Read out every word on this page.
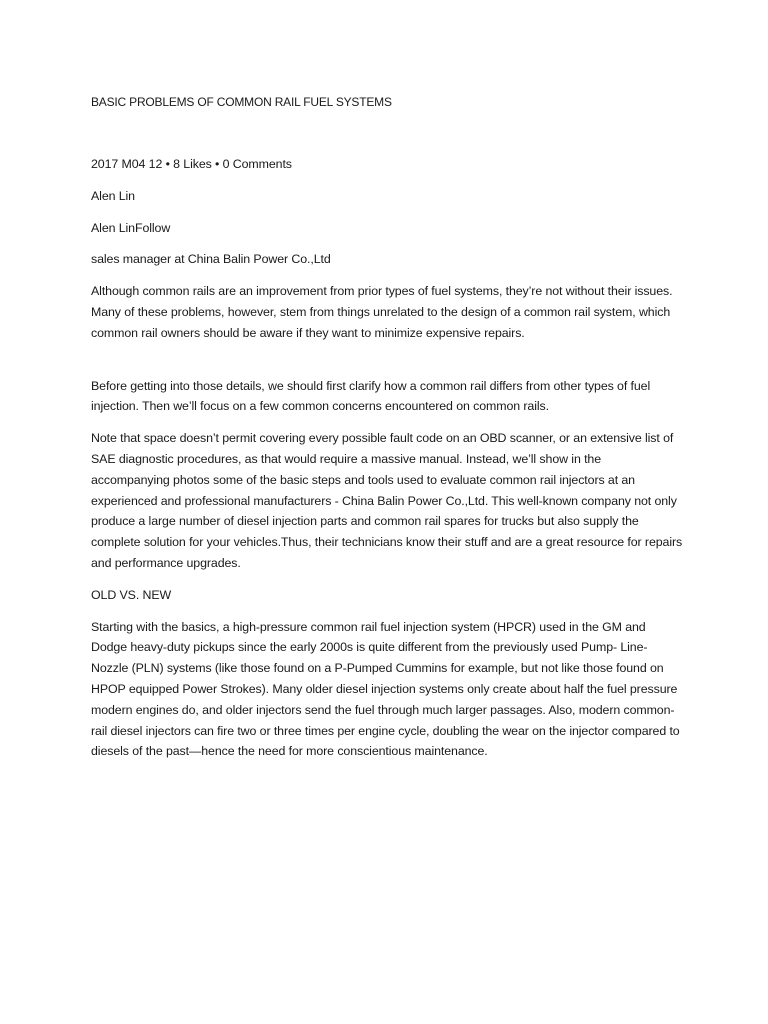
BASIC PROBLEMS OF COMMON RAIL FUEL SYSTEMS

2017 M04 12 • 8 Likes • 0 Comments

Alen Lin

Alen LinFollow

sales manager at China Balin Power Co.,Ltd

Although common rails are an improvement from prior types of fuel systems, they’re not without their issues. Many of these problems, however, stem from things unrelated to the design of a common rail system, which common rail owners should be aware if they want to minimize expensive repairs.

Before getting into those details, we should first clarify how a common rail differs from other types of fuel injection. Then we’ll focus on a few common concerns encountered on common rails.

Note that space doesn’t permit covering every possible fault code on an OBD scanner, or an extensive list of SAE diagnostic procedures, as that would require a massive manual. Instead, we’ll show in the accompanying photos some of the basic steps and tools used to evaluate common rail injectors at an experienced and professional manufacturers - China Balin Power Co.,Ltd. This well-known company not only produce a large number of diesel injection parts and common rail spares for trucks but also supply the complete solution for your vehicles.Thus, their technicians know their stuff and are a great resource for repairs and performance upgrades.

OLD VS. NEW

Starting with the basics, a high-pressure common rail fuel injection system (HPCR) used in the GM and Dodge heavy-duty pickups since the early 2000s is quite different from the previously used Pump- Line-Nozzle (PLN) systems (like those found on a P-Pumped Cummins for example, but not like those found on HPOP equipped Power Strokes). Many older diesel injection systems only create about half the fuel pressure modern engines do, and older injectors send the fuel through much larger passages. Also, modern common-rail diesel injectors can fire two or three times per engine cycle, doubling the wear on the injector compared to diesels of the past—hence the need for more conscientious maintenance.
